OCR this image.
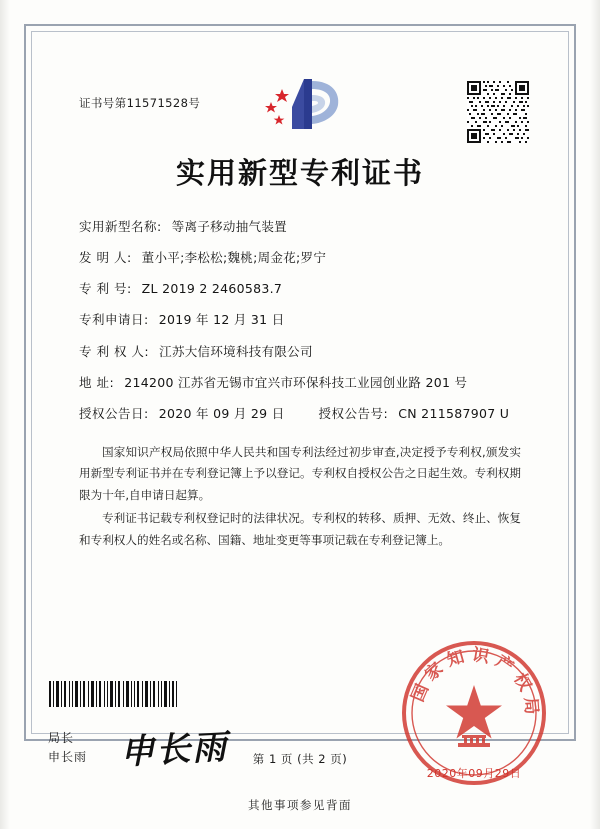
证书号第11571528号
实用新型专利证书
实用新型名称: 等离子移动抽气装置
发 明 人: 董小平;李松松;魏桃;周金花;罗宁
专 利 号: ZL 2019 2 2460583.7
专利申请日: 2019 年 12 月 31 日
专 利 权 人: 江苏大信环境科技有限公司
地 址: 214200 江苏省无锡市宜兴市环保科技工业园创业路 201 号
授权公告日: 2020 年 09 月 29 日	授权公告号: CN 211587907 U
国家知识产权局依照中华人民共和国专利法经过初步审查,决定授予专利权,颁发实用新型专利证书并在专利登记簿上予以登记。专利权自授权公告之日起生效。专利权期限为十年,自申请日起算。
专利证书记载专利权登记时的法律状况。专利权的转移、质押、无效、终止、恢复和专利权人的姓名或名称、国籍、地址变更等事项记载在专利登记簿上。
局长
申长雨 申长雨
国家知识产权局
2020年09月29日
第 1 页 (共 2 页)
其他事项参见背面
